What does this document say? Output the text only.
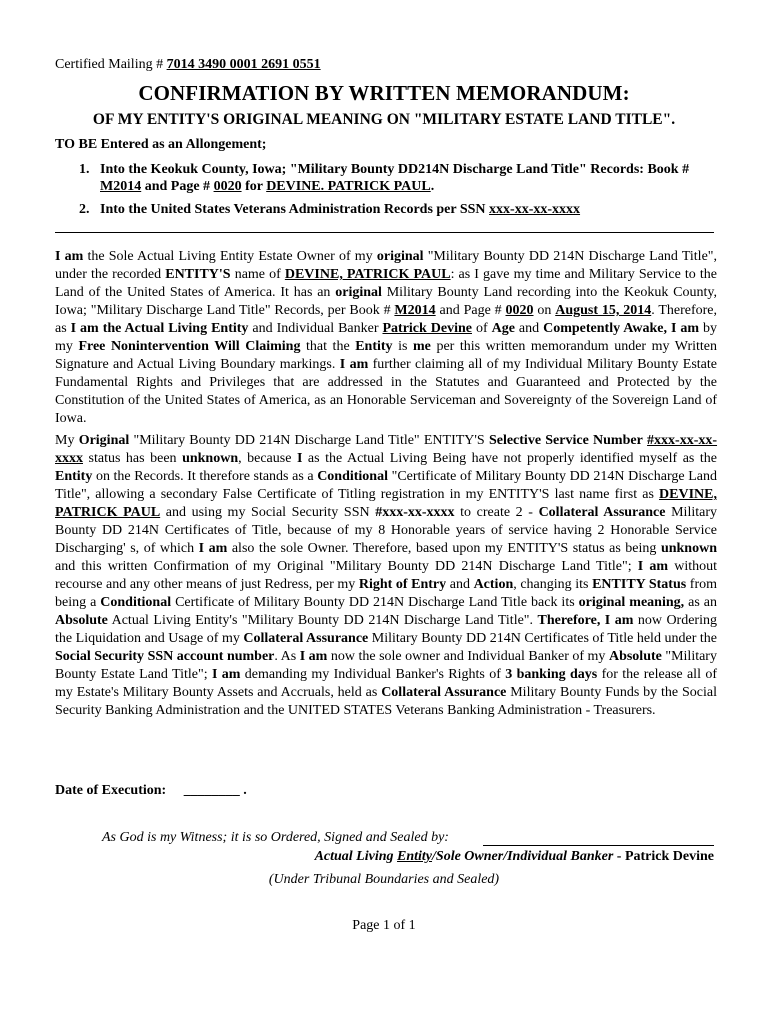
Certified Mailing # 7014 3490 0001 2691 0551
CONFIRMATION BY WRITTEN MEMORANDUM:
OF MY ENTITY'S ORIGINAL MEANING ON "MILITARY ESTATE LAND TITLE".
TO BE Entered as an Allongement;
1. Into the Keokuk County, Iowa; "Military Bounty DD214N Discharge Land Title" Records: Book # M2014 and Page # 0020 for DEVINE. PATRICK PAUL.
2. Into the United States Veterans Administration Records per SSN xxx-xx-xx-xxxx
I am the Sole Actual Living Entity Estate Owner of my original "Military Bounty DD 214N Discharge Land Title", under the recorded ENTITY'S name of DEVINE, PATRICK PAUL: as I gave my time and Military Service to the Land of the United States of America. It has an original Military Bounty Land recording into the Keokuk County, Iowa; "Military Discharge Land Title" Records, per Book # M2014 and Page # 0020 on August 15, 2014. Therefore, as I am the Actual Living Entity and Individual Banker Patrick Devine of Age and Competently Awake, I am by my Free Nonintervention Will Claiming that the Entity is me per this written memorandum under my Written Signature and Actual Living Boundary markings. I am further claiming all of my Individual Military Bounty Estate Fundamental Rights and Privileges that are addressed in the Statutes and Guaranteed and Protected by the Constitution of the United States of America, as an Honorable Serviceman and Sovereignty of the Sovereign Land of Iowa.
My Original "Military Bounty DD 214N Discharge Land Title" ENTITY'S Selective Service Number #xxx-xx-xx-xxxx status has been unknown, because I as the Actual Living Being have not properly identified myself as the Entity on the Records. It therefore stands as a Conditional "Certificate of Military Bounty DD 214N Discharge Land Title", allowing a secondary False Certificate of Titling registration in my ENTITY'S last name first as DEVINE, PATRICK PAUL and using my Social Security SSN #xxx-xx-xxxx to create 2 - Collateral Assurance Military Bounty DD 214N Certificates of Title, because of my 8 Honorable years of service having 2 Honorable Service Discharging' s, of which I am also the sole Owner. Therefore, based upon my ENTITY'S status as being unknown and this written Confirmation of my Original "Military Bounty DD 214N Discharge Land Title"; I am without recourse and any other means of just Redress, per my Right of Entry and Action, changing its ENTITY Status from being a Conditional Certificate of Military Bounty DD 214N Discharge Land Title back its original meaning, as an Absolute Actual Living Entity's "Military Bounty DD 214N Discharge Land Title". Therefore, I am now Ordering the Liquidation and Usage of my Collateral Assurance Military Bounty DD 214N Certificates of Title held under the Social Security SSN account number. As I am now the sole owner and Individual Banker of my Absolute "Military Bounty Estate Land Title"; I am demanding my Individual Banker's Rights of 3 banking days for the release all of my Estate's Military Bounty Assets and Accruals, held as Collateral Assurance Military Bounty Funds by the Social Security Banking Administration and the UNITED STATES Veterans Banking Administration - Treasurers.
Date of Execution:     ________ .
As God is my Witness; it is so Ordered, Signed and Sealed by:
Actual Living Entity/Sole Owner/Individual Banker - Patrick Devine
(Under Tribunal Boundaries and Sealed)
Page 1 of 1
